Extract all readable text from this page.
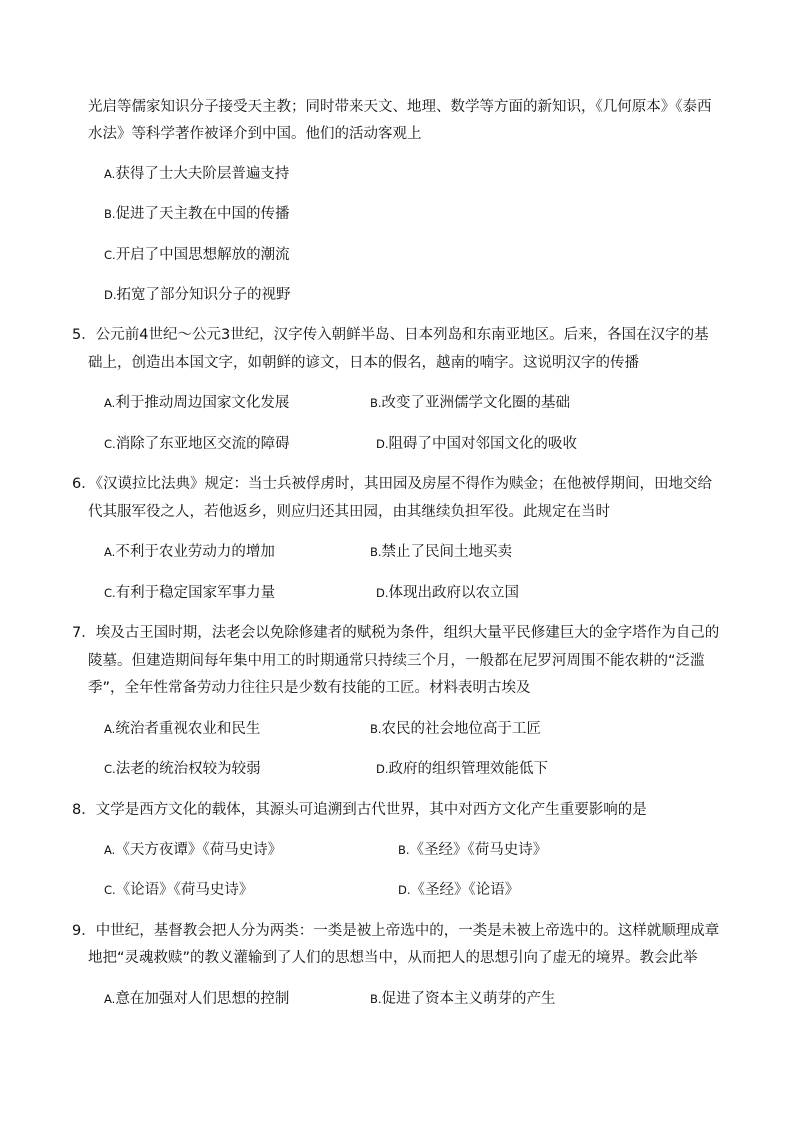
光启等儒家知识分子接受天主教；同时带来天文、地理、数学等方面的新知识，《几何原本》《泰西
水法》等科学著作被译介到中国。他们的活动客观上
A.获得了士大夫阶层普遍支持
B.促进了天主教在中国的传播
C.开启了中国思想解放的潮流
D.拓宽了部分知识分子的视野
5．公元前4世纪～公元3世纪，汉字传入朝鲜半岛、日本列岛和东南亚地区。后来，各国在汉字的基
础上，创造出本国文字，如朝鲜的谚文，日本的假名，越南的喃字。这说明汉字的传播
A.利于推动周边国家文化发展	B.改变了亚洲儒学文化圈的基础
C.消除了东亚地区交流的障碍	D.阻碍了中国对邻国文化的吸收
6．《汉谟拉比法典》规定：当士兵被俘虏时，其田园及房屋不得作为赎金；在他被俘期间，田地交给
代其服军役之人，若他返乡，则应归还其田园，由其继续负担军役。此规定在当时
A.不利于农业劳动力的增加	B.禁止了民间土地买卖
C.有利于稳定国家军事力量	D.体现出政府以农立国
7．埃及古王国时期，法老会以免除修建者的赋税为条件，组织大量平民修建巨大的金字塔作为自己的
陵墓。但建造期间每年集中用工的时期通常只持续三个月，一般都在尼罗河周围不能农耕的“泛滥
季”，全年性常备劳动力往往只是少数有技能的工匠。材料表明古埃及
A.统治者重视农业和民生	B.农民的社会地位高于工匠
C.法老的统治权较为较弱	D.政府的组织管理效能低下
8．文学是西方文化的载体，其源头可追溯到古代世界，其中对西方文化产生重要影响的是
A.《天方夜谭》《荷马史诗》	B.《圣经》《荷马史诗》
C.《论语》《荷马史诗》	D.《圣经》《论语》
9．中世纪，基督教会把人分为两类：一类是被上帝选中的，一类是未被上帝选中的。这样就顺理成章
地把“灵魂救赎”的教义灌输到了人们的思想当中，从而把人的思想引向了虚无的境界。教会此举
A.意在加强对人们思想的控制	B.促进了资本主义萌芽的产生
